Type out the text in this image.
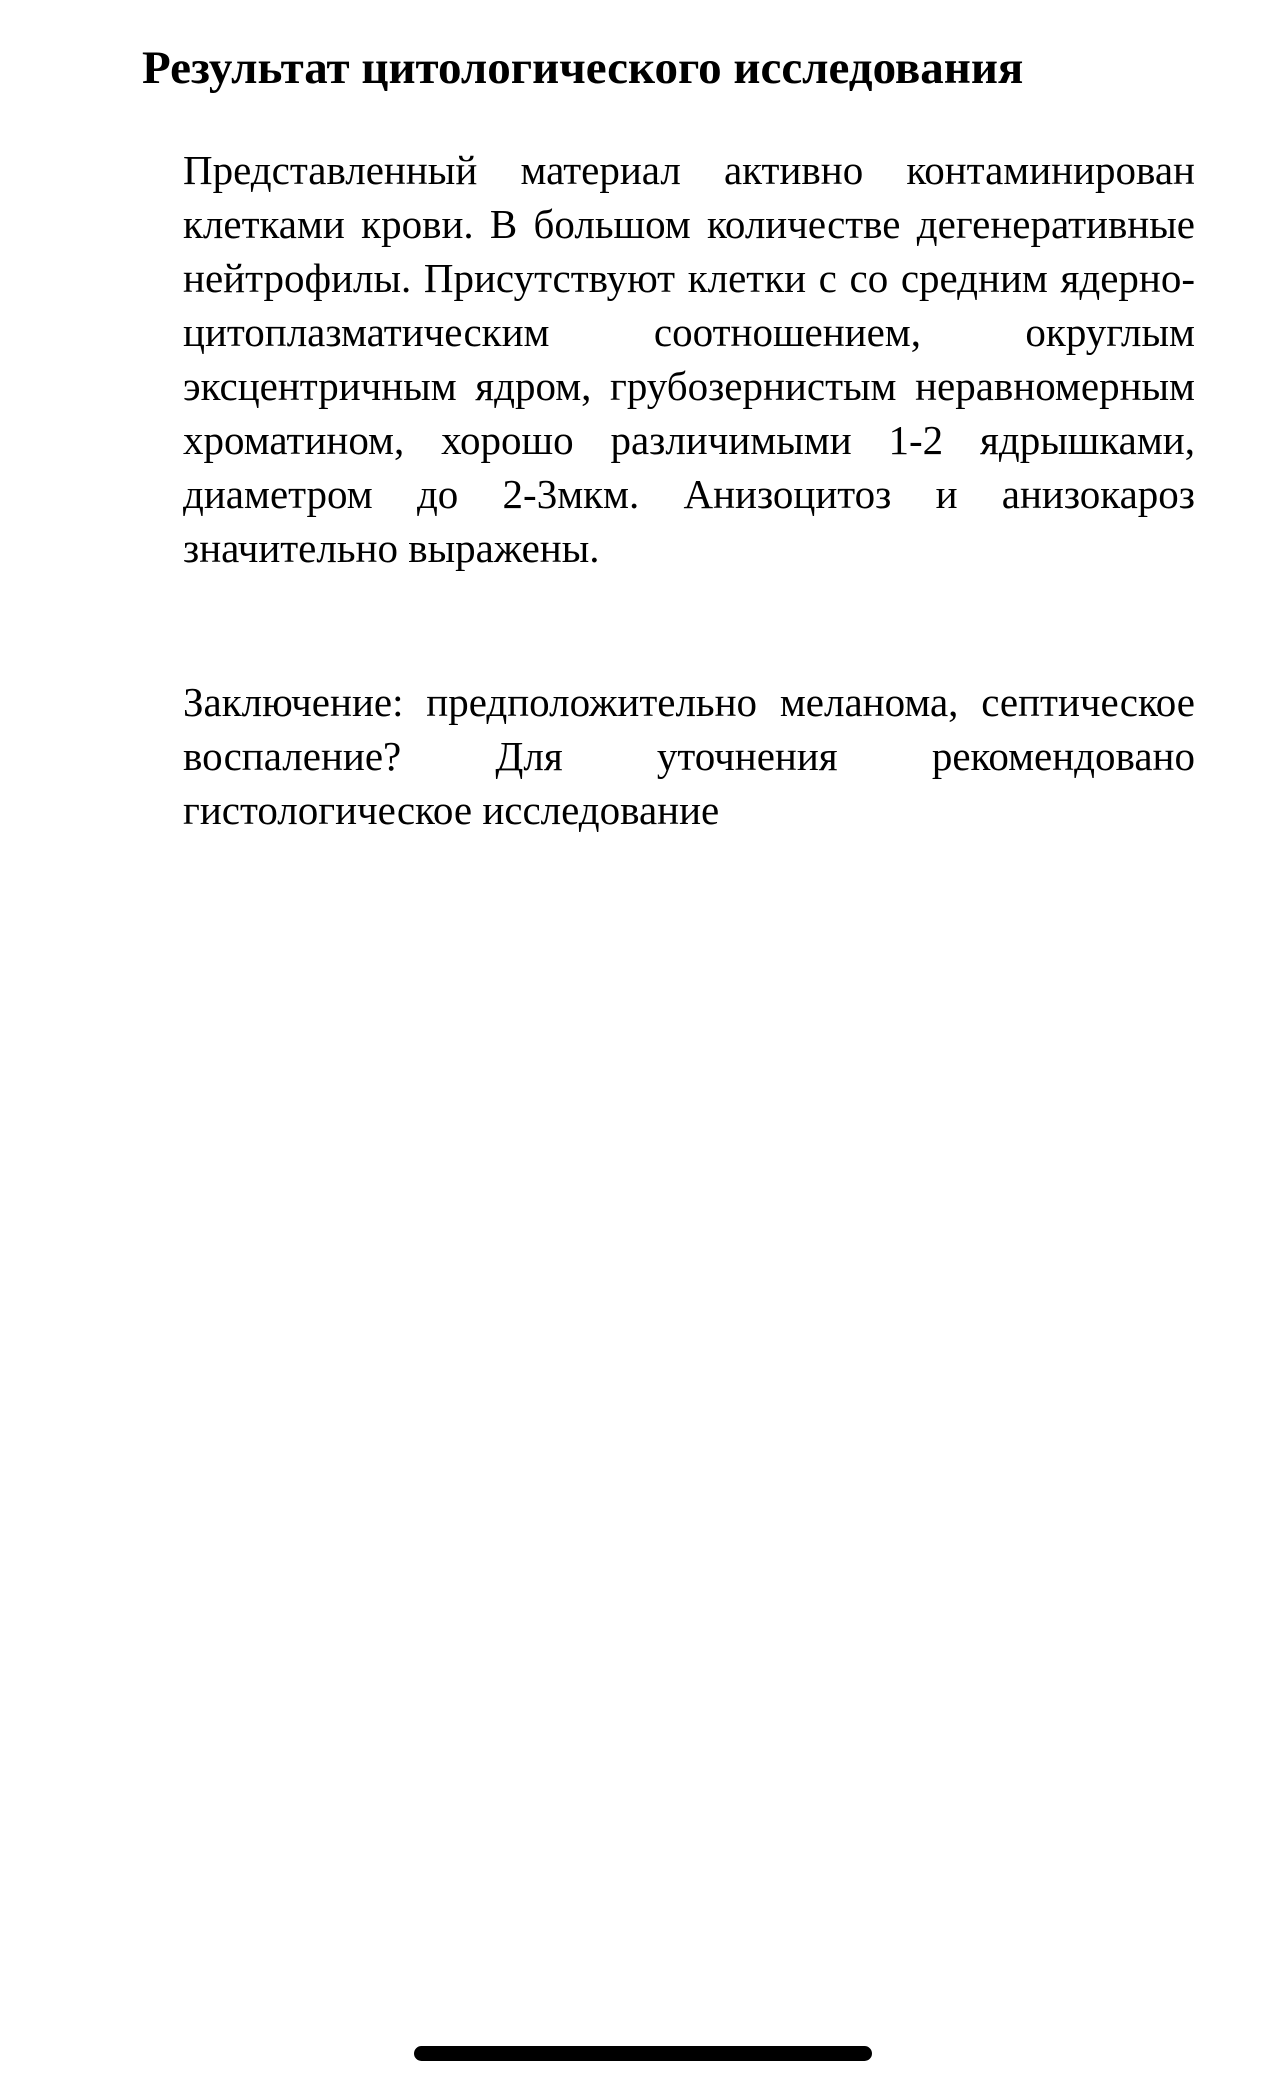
Результат цитологического исследования

Представленный материал активно контаминирован клетками крови. В большом количестве дегенеративные нейтрофилы. Присутствуют клетки с со средним ядерно-цитоплазматическим соотношением, округлым эксцентричным ядром, грубозернистым неравномерным хроматином, хорошо различимыми 1-2 ядрышками, диаметром до 2-3мкм. Анизоцитоз и анизокароз значительно выражены.

Заключение: предположительно меланома, септическое воспаление? Для уточнения рекомендовано гистологическое исследование
